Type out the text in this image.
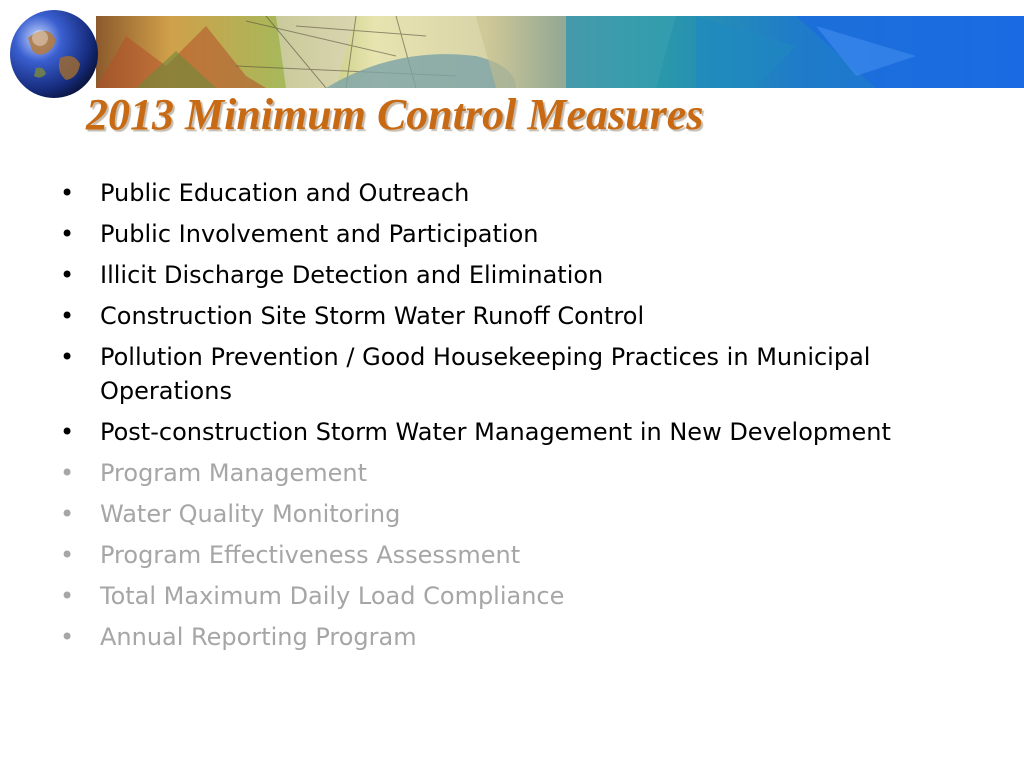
2013 Minimum Control Measures
• Public Education and Outreach
• Public Involvement and Participation
• Illicit Discharge Detection and Elimination
• Construction Site Storm Water Runoff Control
• Pollution Prevention / Good Housekeeping Practices in Municipal Operations
• Post-construction Storm Water Management in New Development
• Program Management
• Water Quality Monitoring
• Program Effectiveness Assessment
• Total Maximum Daily Load Compliance
• Annual Reporting Program
